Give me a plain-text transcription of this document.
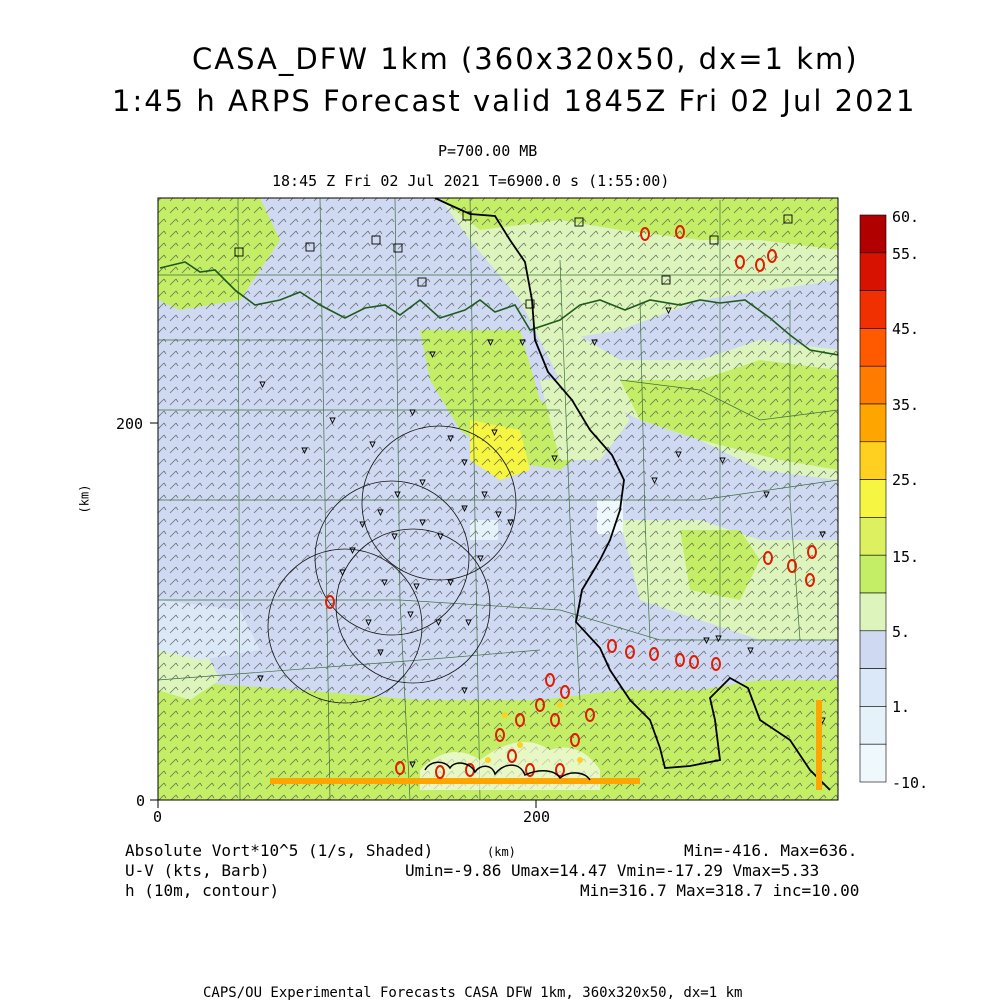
CASA_DFW 1km (360x320x50, dx=1 km)
1:45 h ARPS Forecast valid 1845Z Fri 02 Jul 2021
P=700.00 MB
18:45 Z Fri 02 Jul 2021 T=6900.0 s (1:55:00)
0	200
0
200
(km)
(km)
60.
55.
45.
35.
25.
15.
5.
1.
-10.
Absolute Vort*10^5 (1/s, Shaded)	Min=-416. Max=636.
U-V (kts, Barb)	Umin=-9.86 Umax=14.47 Vmin=-17.29 Vmax=5.33
h (10m, contour)	Min=316.7 Max=318.7 inc=10.00
CAPS/OU Experimental Forecasts CASA DFW 1km, 360x320x50, dx=1 km
